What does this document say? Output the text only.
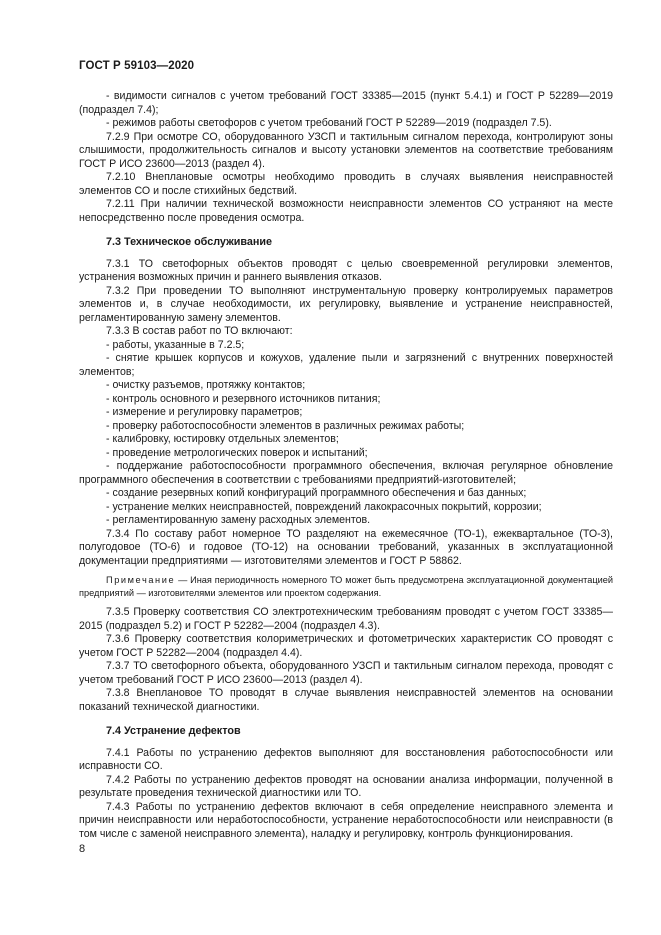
ГОСТ Р 59103—2020

- видимости сигналов с учетом требований ГОСТ 33385—2015 (пункт 5.4.1) и ГОСТ Р 52289—2019 (подраздел 7.4);

- режимов работы светофоров с учетом требований ГОСТ Р 52289—2019 (подраздел 7.5).

7.2.9 При осмотре СО, оборудованного УЗСП и тактильным сигналом перехода, контролируют зоны слышимости, продолжительность сигналов и высоту установки элементов на соответствие требованиям ГОСТ Р ИСО 23600—2013 (раздел 4).

7.2.10 Внеплановые осмотры необходимо проводить в случаях выявления неисправностей элементов СО и после стихийных бедствий.

7.2.11 При наличии технической возможности неисправности элементов СО устраняют на месте непосредственно после проведения осмотра.

7.3 Техническое обслуживание

7.3.1 ТО светофорных объектов проводят с целью своевременной регулировки элементов, устранения возможных причин и раннего выявления отказов.

7.3.2 При проведении ТО выполняют инструментальную проверку контролируемых параметров элементов и, в случае необходимости, их регулировку, выявление и устранение неисправностей, регламентированную замену элементов.

7.3.3 В состав работ по ТО включают:

- работы, указанные в 7.2.5;

- снятие крышек корпусов и кожухов, удаление пыли и загрязнений с внутренних поверхностей элементов;

- очистку разъемов, протяжку контактов;

- контроль основного и резервного источников питания;

- измерение и регулировку параметров;

- проверку работоспособности элементов в различных режимах работы;

- калибровку, юстировку отдельных элементов;

- проведение метрологических поверок и испытаний;

- поддержание работоспособности программного обеспечения, включая регулярное обновление программного обеспечения в соответствии с требованиями предприятий-изготовителей;

- создание резервных копий конфигураций программного обеспечения и баз данных;

- устранение мелких неисправностей, повреждений лакокрасочных покрытий, коррозии;

- регламентированную замену расходных элементов.

7.3.4 По составу работ номерное ТО разделяют на ежемесячное (ТО-1), ежеквартальное (ТО-3), полугодовое (ТО-6) и годовое (ТО-12) на основании требований, указанных в эксплуатационной документации предприятиями — изготовителями элементов и ГОСТ Р 58862.

Примечание — Иная периодичность номерного ТО может быть предусмотрена эксплуатационной документацией предприятий — изготовителями элементов или проектом содержания.

7.3.5 Проверку соответствия СО электротехническим требованиям проводят с учетом ГОСТ 33385—2015 (подраздел 5.2) и ГОСТ Р 52282—2004 (подраздел 4.3).

7.3.6 Проверку соответствия колориметрических и фотометрических характеристик СО проводят с учетом ГОСТ Р 52282—2004 (подраздел 4.4).

7.3.7 ТО светофорного объекта, оборудованного УЗСП и тактильным сигналом перехода, проводят с учетом требований ГОСТ Р ИСО 23600—2013 (раздел 4).

7.3.8 Внеплановое ТО проводят в случае выявления неисправностей элементов на основании показаний технической диагностики.

7.4 Устранение дефектов

7.4.1 Работы по устранению дефектов выполняют для восстановления работоспособности или исправности СО.

7.4.2 Работы по устранению дефектов проводят на основании анализа информации, полученной в результате проведения технической диагностики или ТО.

7.4.3 Работы по устранению дефектов включают в себя определение неисправного элемента и причин неисправности или неработоспособности, устранение неработоспособности или неисправности (в том числе с заменой неисправного элемента), наладку и регулировку, контроль функционирования.

8
